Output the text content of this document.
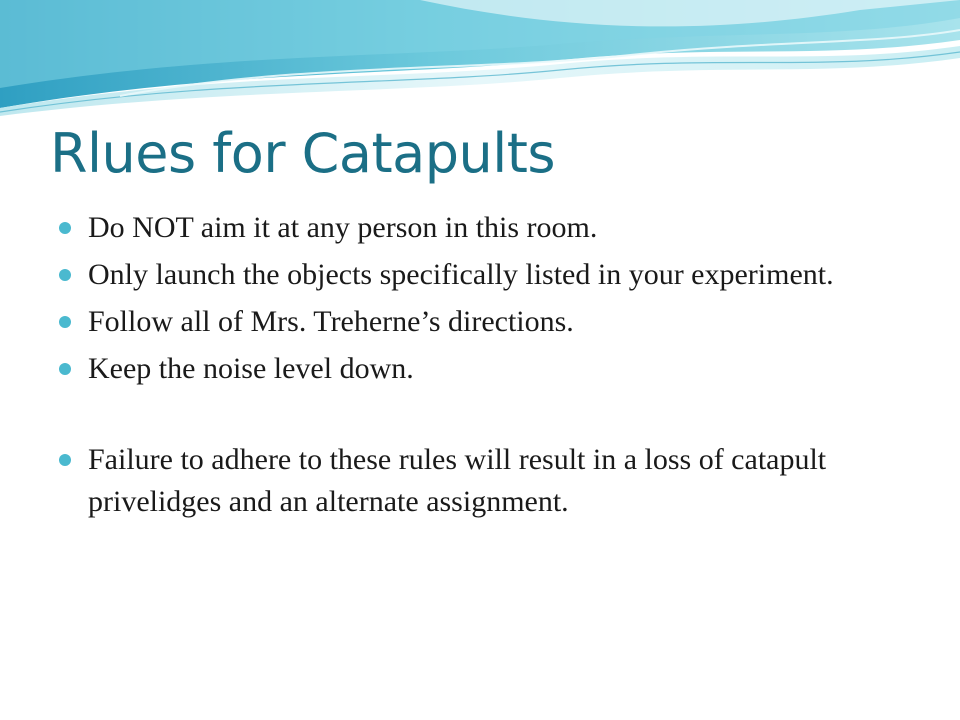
Rlues for Catapults
Do NOT aim it at any person in this room.
Only launch the objects specifically listed in your experiment.
Follow all of Mrs. Treherne’s directions.
Keep the noise level down.
Failure to adhere to these rules will result in a loss of catapult privelidges and an alternate assignment.
